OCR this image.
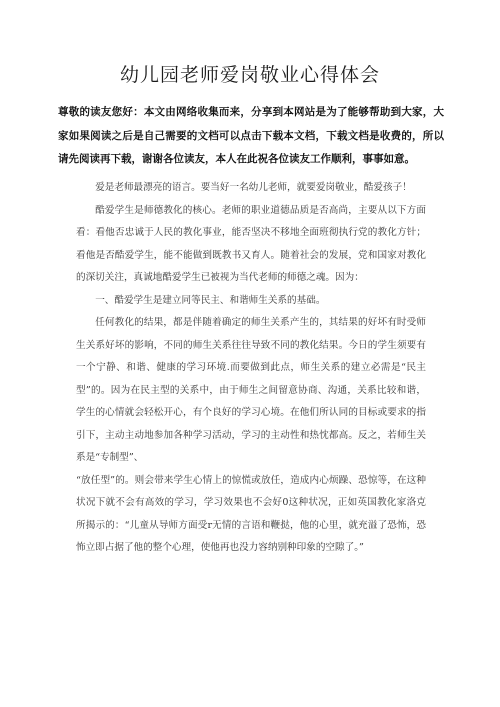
幼儿园老师爱岗敬业心得体会
尊敬的读友您好：本文由网络收集而来，分享到本网站是为了能够帮助到大家，大家如果阅读之后是自己需要的文档可以点击下载本文档，下载文档是收费的，所以请先阅读再下载，谢谢各位读友，本人在此祝各位读友工作顺利，事事如意。

爱是老师最漂亮的语言。要当好一名幼儿老师，就要爱岗敬业，酷爱孩子！

酷爱学生是师德教化的核心。老师的职业道德品质是否高尚，主要从以下方面看：看他否忠诚于人民的教化事业，能否坚决不移地全面班彻执行党的教化方针；看他是否酷爱学生，能不能做到既教书又育人。随着社会的发展，党和国家对教化的深切关注，真诚地酷爱学生已被视为当代老师的师德之魂。因为：

一、酷爱学生是建立同等民主、和谐师生关系的基础。

任何教化的结果，都是伴随着确定的师生关系产生的，其结果的好坏有时受师生关系好坏的影响，不同的师生关系往往导致不同的教化结果。今日的学生须要有一个宁静、和谐、健康的学习环境.而要做到此点，师生关系的建立必需是“民主型”的。因为在民主型的关系中，由于师生之间留意协商、沟通，关系比较和谐，学生的心情就会轻松开心，有个良好的学习心境。在他们所认同的目标或要求的指引下，主动主动地参加各种学习活动，学习的主动性和热忱都高。反之，若师生关系是“专制型”、

“放任型”的。则会带来学生心情上的惊慌或放任，造成内心烦躁、恐惊等，在这种状况下就不会有高效的学习，学习效果也不会好0这种状况，正如英国教化家洛克所揭示的：“儿童从导师方面受r无情的言语和鞭挞，他的心里，就充溢了恐怖，恐怖立即占据了他的整个心理，使他再也没力容纳别种印象的空隙了。”
